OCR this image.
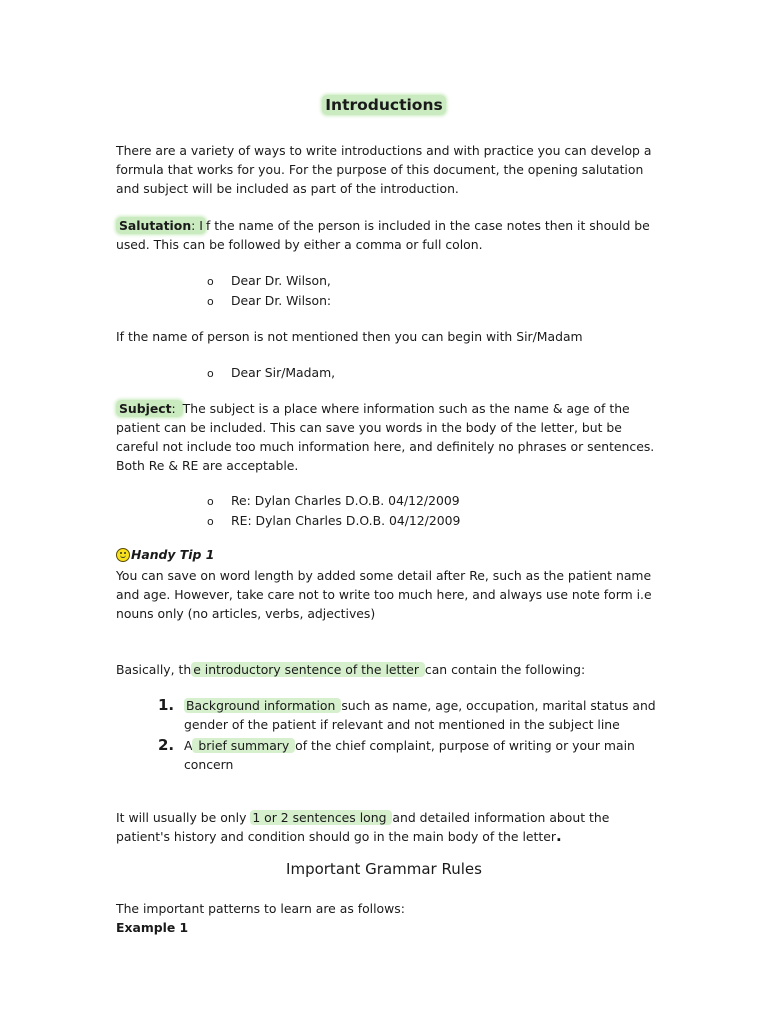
Introductions

There are a variety of ways to write introductions and with practice you can develop a formula that works for you. For the purpose of this document, the opening salutation and subject will be included as part of the introduction.

Salutation: I f the name of the person is included in the case notes then it should be used. This can be followed by either a comma or full colon.

o	Dear Dr. Wilson,
o	Dear Dr. Wilson:

If the name of person is not mentioned then you can begin with Sir/Madam

o	Dear Sir/Madam,

Subject: The subject is a place where information such as the name & age of the patient can be included. This can save you words in the body of the letter, but be careful not include too much information here, and definitely no phrases or sentences. Both Re & RE are acceptable.

o	Re: Dylan Charles D.O.B. 04/12/2009
o	RE: Dylan Charles D.O.B. 04/12/2009
Handy Tip 1

You can save on word length by added some detail after Re, such as the patient name and age. However, take care not to write too much here, and always use note form i.e nouns only (no articles, verbs, adjectives)

Basically, th e introductory sentence of the letter can contain the following:

1. Background information such as name, age, occupation, marital status and gender of the patient if relevant and not mentioned in the subject line
2. A brief summary of the chief complaint, purpose of writing or your main concern

It will usually be only 1 or 2 sentences long and detailed information about the patient's history and condition should go in the main body of the letter.

Important Grammar Rules

The important patterns to learn are as follows:

Example 1
